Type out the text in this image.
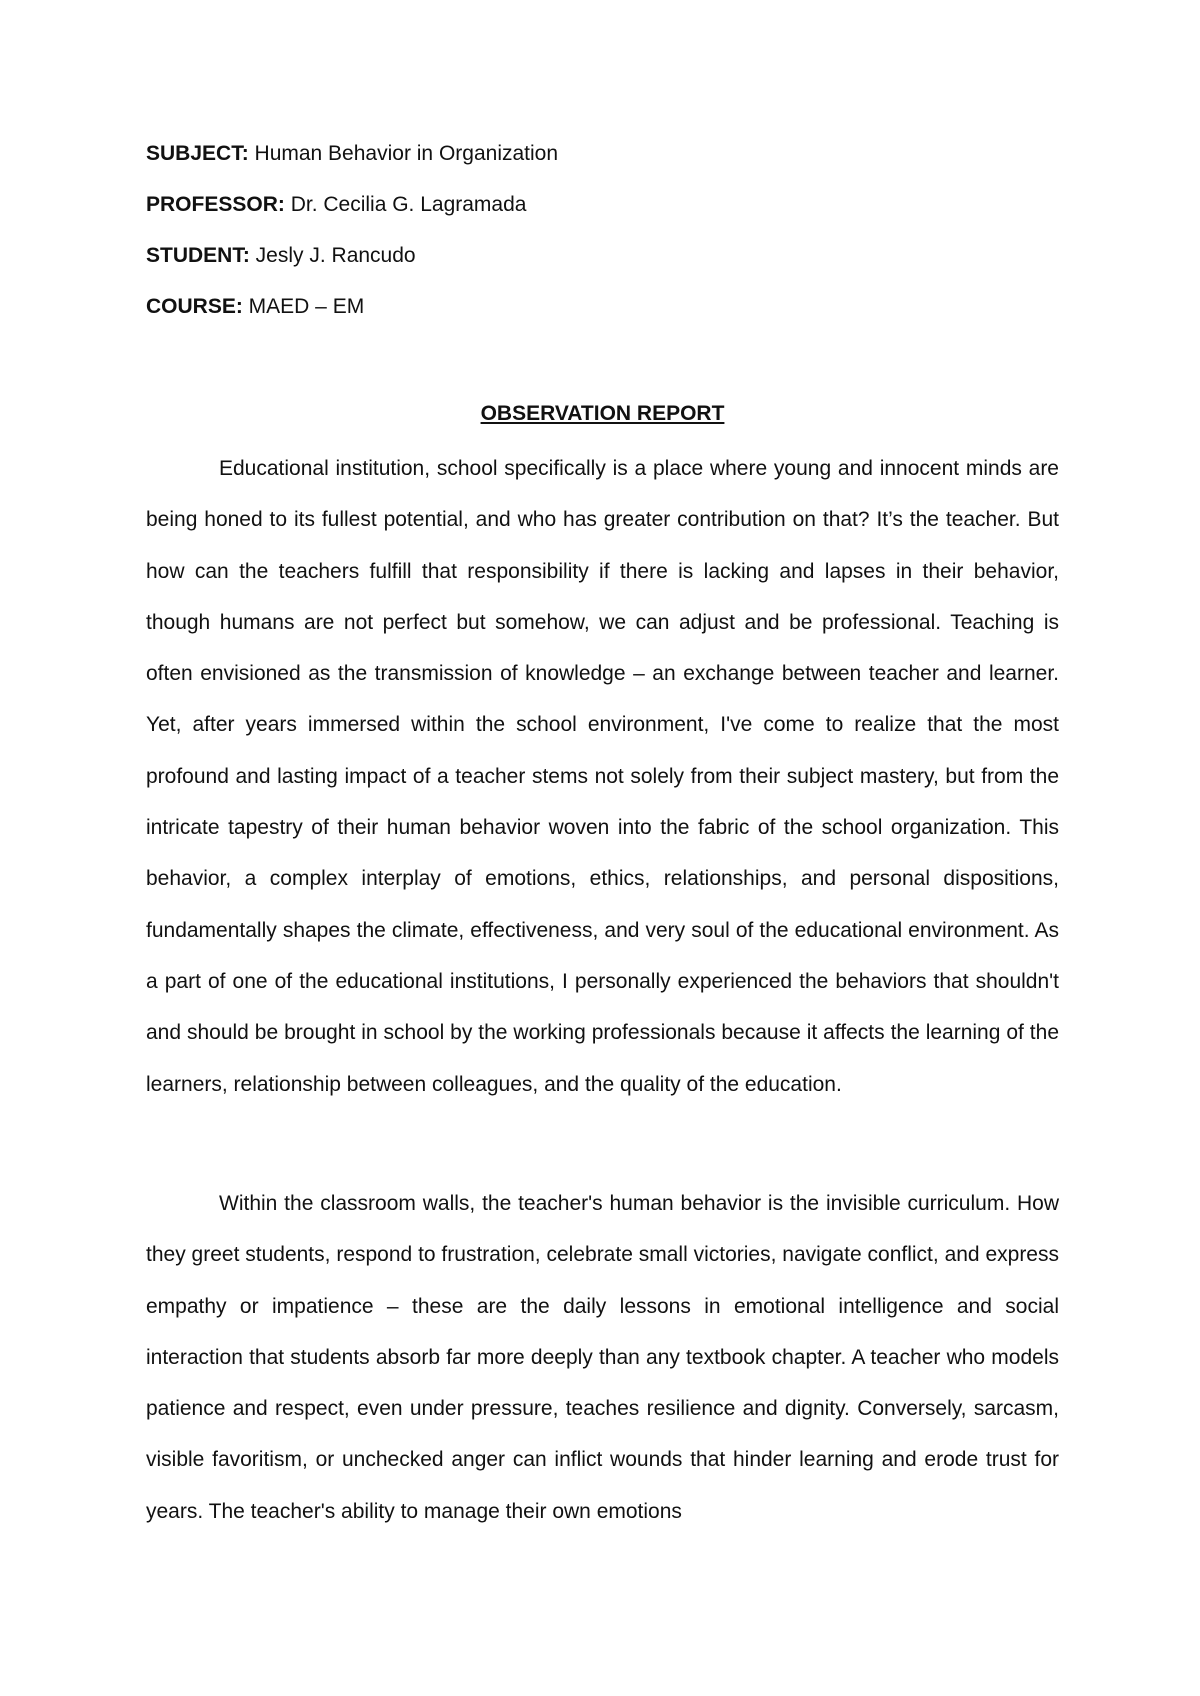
SUBJECT: Human Behavior in Organization
PROFESSOR: Dr. Cecilia G. Lagramada
STUDENT: Jesly J. Rancudo
COURSE: MAED – EM
OBSERVATION REPORT

Educational institution, school specifically is a place where young and innocent minds are being honed to its fullest potential, and who has greater contribution on that? It’s the teacher. But how can the teachers fulfill that responsibility if there is lacking and lapses in their behavior, though humans are not perfect but somehow, we can adjust and be professional. Teaching is often envisioned as the transmission of knowledge – an exchange between teacher and learner. Yet, after years immersed within the school environment, I've come to realize that the most profound and lasting impact of a teacher stems not solely from their subject mastery, but from the intricate tapestry of their human behavior woven into the fabric of the school organization. This behavior, a complex interplay of emotions, ethics, relationships, and personal dispositions, fundamentally shapes the climate, effectiveness, and very soul of the educational environment. As a part of one of the educational institutions, I personally experienced the behaviors that shouldn't and should be brought in school by the working professionals because it affects the learning of the learners, relationship between colleagues, and the quality of the education.

Within the classroom walls, the teacher's human behavior is the invisible curriculum. How they greet students, respond to frustration, celebrate small victories, navigate conflict, and express empathy or impatience – these are the daily lessons in emotional intelligence and social interaction that students absorb far more deeply than any textbook chapter. A teacher who models patience and respect, even under pressure, teaches resilience and dignity. Conversely, sarcasm, visible favoritism, or unchecked anger can inflict wounds that hinder learning and erode trust for years. The teacher's ability to manage their own emotions
